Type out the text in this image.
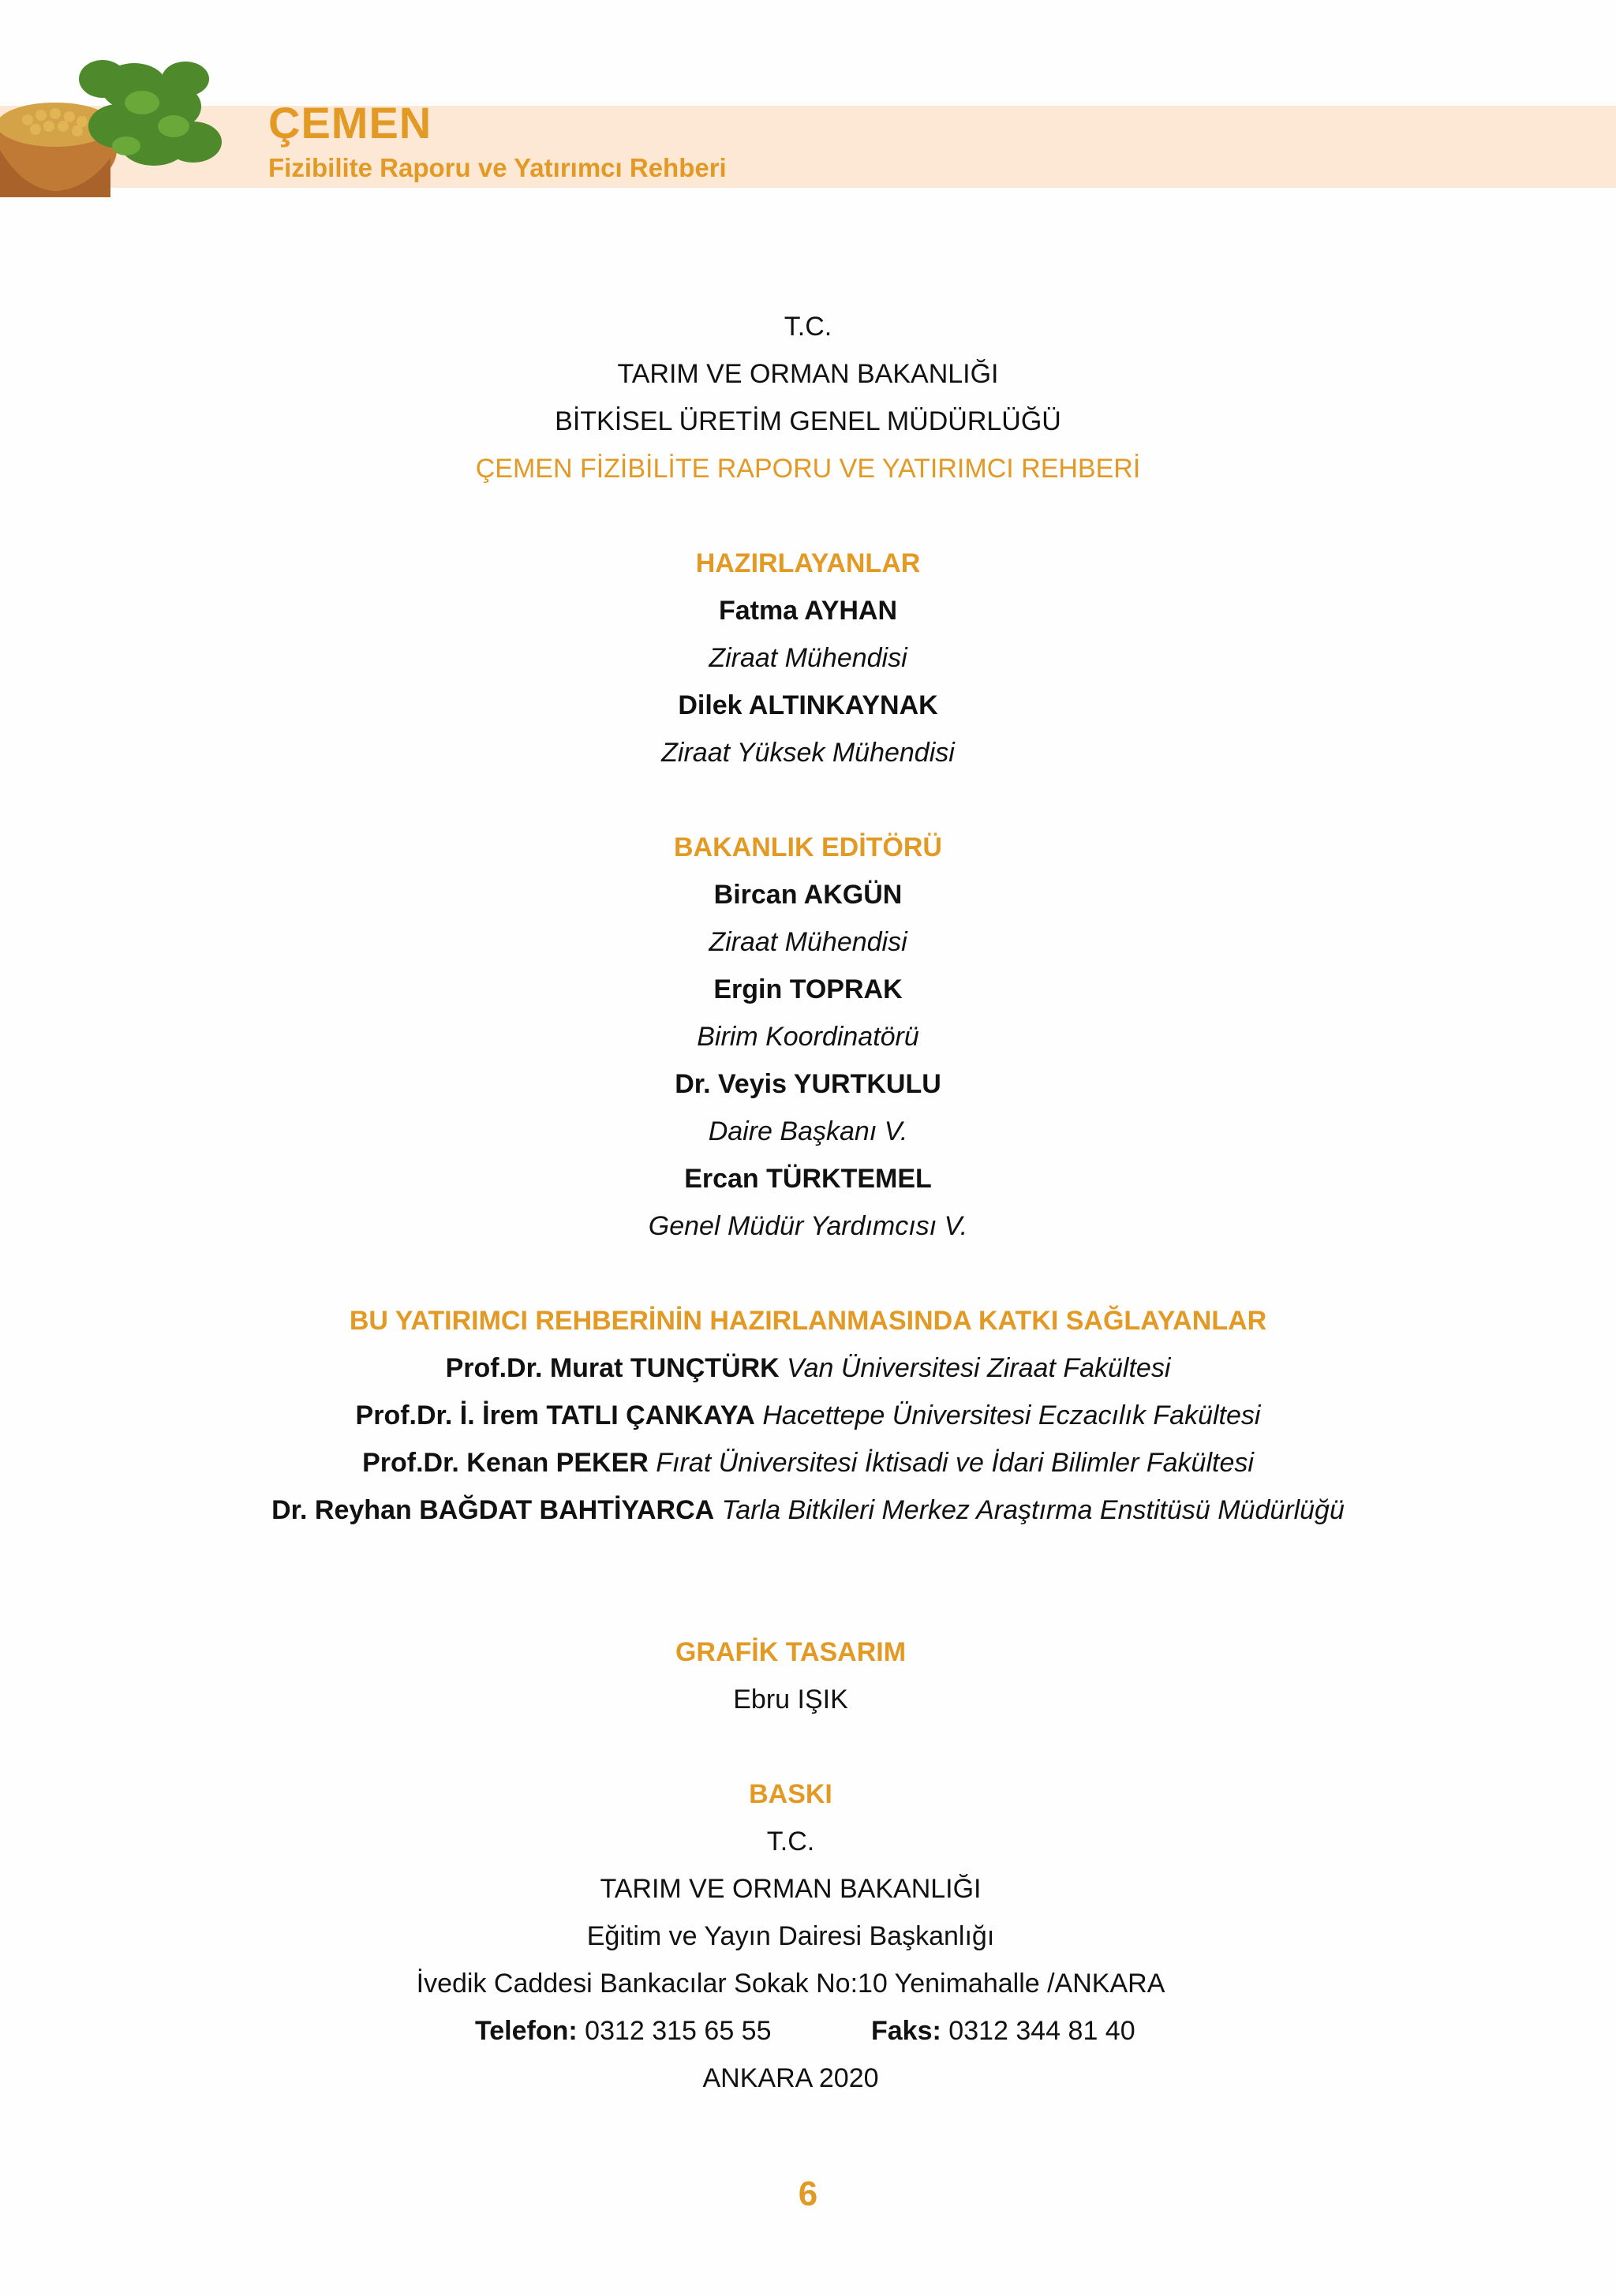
ÇEMEN
Fizibilite Raporu ve Yatırımcı Rehberi
T.C.
TARIM VE ORMAN BAKANLIĞI
BİTKİSEL ÜRETİM GENEL MÜDÜRLÜĞÜ
ÇEMEN FİZİBİLİTE RAPORU VE YATIRIMCI REHBERİ
HAZIRLAYANLAR
Fatma AYHAN
Ziraat Mühendisi
Dilek ALTINKAYNAK
Ziraat Yüksek Mühendisi
BAKANLIK EDİTÖRÜ
Bircan AKGÜN
Ziraat Mühendisi
Ergin TOPRAK
Birim Koordinatörü
Dr. Veyis YURTKULU
Daire Başkanı V.
Ercan TÜRKTEMEL
Genel Müdür Yardımcısı V.
BU YATIRIMCI REHBERİNİN HAZIRLANMASINDA KATKI SAĞLAYANLAR
Prof.Dr. Murat TUNÇTÜRK Van Üniversitesi Ziraat Fakültesi
Prof.Dr. İ. İrem TATLI ÇANKAYA Hacettepe Üniversitesi Eczacılık Fakültesi
Prof.Dr. Kenan PEKER Fırat Üniversitesi İktisadi ve İdari Bilimler Fakültesi
Dr. Reyhan BAĞDAT BAHTİYARCA Tarla Bitkileri Merkez Araştırma Enstitüsü Müdürlüğü
GRAFİK TASARIM
Ebru IŞIK
BASKI
T.C.
TARIM VE ORMAN BAKANLIĞI
Eğitim ve Yayın Dairesi Başkanlığı
İvedik Caddesi Bankacılar Sokak No:10 Yenimahalle /ANKARA
Telefon: 0312 315 65 55	Faks: 0312 344 81 40
ANKARA 2020
6
